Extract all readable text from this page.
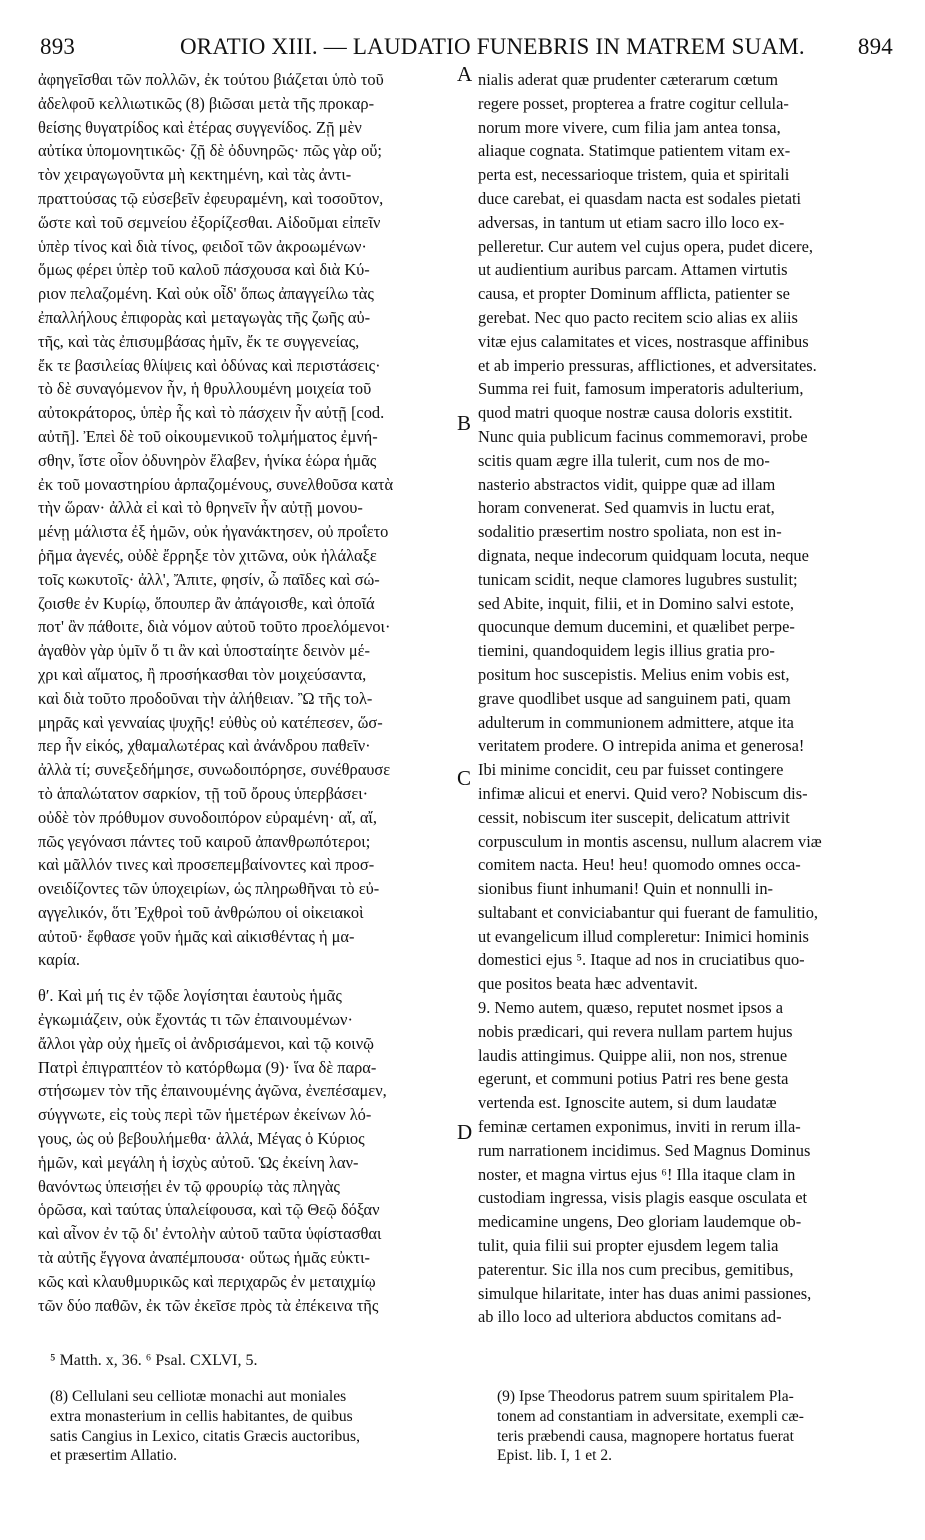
893	ORATIO XIII. — LAUDATIO FUNEBRIS IN MATREM SUAM. 894
A
B
C
D
ἀφηγεῖσθαι τῶν πολλῶν, ἐκ τούτου βιάζεται ὑπὸ τοῦ
ἀδελφοῦ κελλιωτικῶς (8) βιῶσαι μετὰ τῆς προκαρ-
θείσης θυγατρίδος καὶ ἑτέρας συγγενίδος. Ζῇ μὲν
αὐτίκα ὑπομονητικῶς· ζῇ δὲ ὀδυνηρῶς· πῶς γὰρ οὔ;
τὸν χειραγωγοῦντα μὴ κεκτημένη, καὶ τὰς ἀντι-
πραττούσας τῷ εὐσεβεῖν ἐφευραμένη, καὶ τοσοῦτον,
ὥστε καὶ τοῦ σεμνείου ἐξορίζεσθαι. Αἰδοῦμαι εἰπεῖν
ὑπὲρ τίνος καὶ διὰ τίνος, φειδοῖ τῶν ἀκροωμένων·
ὅμως φέρει ὑπὲρ τοῦ καλοῦ πάσχουσα καὶ διὰ Κύ-
ριον πελαζομένη. Καὶ οὐκ οἶδ' ὅπως ἀπαγγείλω τὰς
ἐπαλλήλους ἐπιφορὰς καὶ μεταγωγὰς τῆς ζωῆς αὐ-
τῆς, καὶ τὰς ἐπισυμβάσας ἡμῖν, ἔκ τε συγγενείας,
ἔκ τε βασιλείας θλίψεις καὶ ὀδύνας καὶ περιστάσεις·
τὸ δὲ συναγόμενον ἦν, ἡ θρυλλουμένη μοιχεία τοῦ
αὐτοκράτορος, ὑπὲρ ἧς καὶ τὸ πάσχειν ἦν αὐτῇ [cod.
αὐτῆ]. Ἐπεὶ δὲ τοῦ οἰκουμενικοῦ τολμήματος ἐμνή-
σθην, ἴστε οἷον ὀδυνηρὸν ἔλαβεν, ἡνίκα ἑώρα ἡμᾶς
ἐκ τοῦ μοναστηρίου ἁρπαζομένους, συνελθοῦσα κατὰ
τὴν ὥραν· ἀλλὰ εἰ καὶ τὸ θρηνεῖν ἦν αὐτῇ μονου-
μένῃ μάλιστα ἐξ ἡμῶν, οὐκ ἠγανάκτησεν, οὐ προΐετο
ῥῆμα ἀγενές, οὐδὲ ἔρρηξε τὸν χιτῶνα, οὐκ ἠλάλαξε
τοῖς κωκυτοῖς· ἀλλ', Ἄπιτε, φησίν, ὦ παῖδες καὶ σώ-
ζοισθε ἐν Κυρίῳ, ὅπουπερ ἂν ἀπάγοισθε, καὶ ὁποῖά
ποτ' ἂν πάθοιτε, διὰ νόμον αὐτοῦ τοῦτο προελόμενοι·
ἀγαθὸν γὰρ ὑμῖν ὅ τι ἂν καὶ ὑποσταίητε δεινὸν μέ-
χρι καὶ αἵματος, ἢ προσήκασθαι τὸν μοιχεύσαντα,
καὶ διὰ τοῦτο προδοῦναι τὴν ἀλήθειαν. Ὢ τῆς τολ-
μηρᾶς καὶ γενναίας ψυχῆς! εὐθὺς οὐ κατέπεσεν, ὥσ-
περ ἦν εἰκός, χθαμαλωτέρας καὶ ἀνάνδρου παθεῖν·
ἀλλὰ τί; συνεξεδήμησε, συνωδοιπόρησε, συνέθραυσε
τὸ ἁπαλώτατον σαρκίον, τῇ τοῦ ὄρους ὑπερβάσει·
οὐδὲ τὸν πρόθυμον συνοδοιπόρον εὑραμένη· αἴ, αἴ,
πῶς γεγόνασι πάντες τοῦ καιροῦ ἀπανθρωπότεροι;
καὶ μᾶλλόν τινες καὶ προσεπεμβαίνοντες καὶ προσ-
ονειδίζοντες τῶν ὑποχειρίων, ὡς πληρωθῆναι τὸ εὐ-
αγγελικόν, ὅτι Ἐχθροὶ τοῦ ἀνθρώπου οἱ οἰκειακοὶ
αὐτοῦ· ἔφθασε γοῦν ἡμᾶς καὶ αἰκισθέντας ἡ μα-
καρία.
θʹ. Καὶ μή τις ἐν τῷδε λογίσηται ἑαυτοὺς ἡμᾶς
ἐγκωμιάζειν, οὐκ ἔχοντάς τι τῶν ἐπαινουμένων·
ἄλλοι γὰρ οὐχ ἡμεῖς οἱ ἀνδρισάμενοι, καὶ τῷ κοινῷ
Πατρὶ ἐπιγραπτέον τὸ κατόρθωμα (9)· ἵνα δὲ παρα-
στήσωμεν τὸν τῆς ἐπαινουμένης ἀγῶνα, ἐνεπέσαμεν,
σύγγνωτε, εἰς τοὺς περὶ τῶν ἡμετέρων ἐκείνων λό-
γους, ὡς οὐ βεβουλήμεθα· ἀλλά, Μέγας ὁ Κύριος
ἡμῶν, καὶ μεγάλη ἡ ἰσχὺς αὐτοῦ. Ὡς ἐκείνη λαν-
θανόντως ὑπεισῄει ἐν τῷ φρουρίῳ τὰς πληγὰς
ὁρῶσα, καὶ ταύτας ὑπαλείφουσα, καὶ τῷ Θεῷ δόξαν
καὶ αἶνον ἐν τῷ δι' ἐντολὴν αὐτοῦ ταῦτα ὑφίστασθαι
τὰ αὐτῆς ἔγγονα ἀναπέμπουσα· οὕτως ἡμᾶς εὐκτι-
κῶς καὶ κλαυθμυρικῶς καὶ περιχαρῶς ἐν μεταιχμίῳ
τῶν δύο παθῶν, ἐκ τῶν ἐκεῖσε πρὸς τὰ ἐπέκεινα τῆς
nialis aderat quæ prudenter cæterarum cœtum
regere posset, propterea a fratre cogitur cellula-
norum more vivere, cum filia jam antea tonsa,
aliaque cognata. Statimque patientem vitam ex-
perta est, necessarioque tristem, quia et spiritali
duce carebat, ei quasdam nacta est sodales pietati
adversas, in tantum ut etiam sacro illo loco ex-
pelleretur. Cur autem vel cujus opera, pudet dicere,
ut audientium auribus parcam. Attamen virtutis
causa, et propter Dominum afflicta, patienter se
gerebat. Nec quo pacto recitem scio alias ex aliis
vitæ ejus calamitates et vices, nostrasque affinibus
et ab imperio pressuras, afflictiones, et adversitates.
Summa rei fuit, famosum imperatoris adulterium,
quod matri quoque nostræ causa doloris exstitit.
Nunc quia publicum facinus commemoravi, probe
scitis quam ægre illa tulerit, cum nos de mo-
nasterio abstractos vidit, quippe quæ ad illam
horam convenerat. Sed quamvis in luctu erat,
sodalitio præsertim nostro spoliata, non est in-
dignata, neque indecorum quidquam locuta, neque
tunicam scidit, neque clamores lugubres sustulit;
sed Abite, inquit, filii, et in Domino salvi estote,
quocunque demum ducemini, et quælibet perpe-
tiemini, quandoquidem legis illius gratia pro-
positum hoc suscepistis. Melius enim vobis est,
grave quodlibet usque ad sanguinem pati, quam
adulterum in communionem admittere, atque ita
veritatem prodere. O intrepida anima et generosa!
Ibi minime concidit, ceu par fuisset contingere
infimæ alicui et enervi. Quid vero? Nobiscum dis-
cessit, nobiscum iter suscepit, delicatum attrivit
corpusculum in montis ascensu, nullum alacrem viæ
comitem nacta. Heu! heu! quomodo omnes occa-
sionibus fiunt inhumani! Quin et nonnulli in-
sultabant et conviciabantur qui fuerant de famulitio,
ut evangelicum illud compleretur: Inimici hominis
domestici ejus ⁵. Itaque ad nos in cruciatibus quo-
que positos beata hæc adventavit.
9. Nemo autem, quæso, reputet nosmet ipsos a
nobis prædicari, qui revera nullam partem hujus
laudis attingimus. Quippe alii, non nos, strenue
egerunt, et communi potius Patri res bene gesta
vertenda est. Ignoscite autem, si dum laudatæ
feminæ certamen exponimus, inviti in rerum illa-
rum narrationem incidimus. Sed Magnus Dominus
noster, et magna virtus ejus ⁶! Illa itaque clam in
custodiam ingressa, visis plagis easque osculata et
medicamine ungens, Deo gloriam laudemque ob-
tulit, quia filii sui propter ejusdem legem talia
paterentur. Sic illa nos cum precibus, gemitibus,
simulque hilaritate, inter has duas animi passiones,
ab illo loco ad ulteriora abductos comitans ad-
⁵ Matth. x, 36. ⁶ Psal. CXLVI, 5.
(8) Cellulani seu celliotæ monachi aut moniales
extra monasterium in cellis habitantes, de quibus
satis Cangius in Lexico, citatis Græcis auctoribus,
et præsertim Allatio.
(9) Ipse Theodorus patrem suum spiritalem Pla-
tonem ad constantiam in adversitate, exempli cæ-
teris præbendi causa, magnopere hortatus fuerat
Epist. lib. I, 1 et 2.
